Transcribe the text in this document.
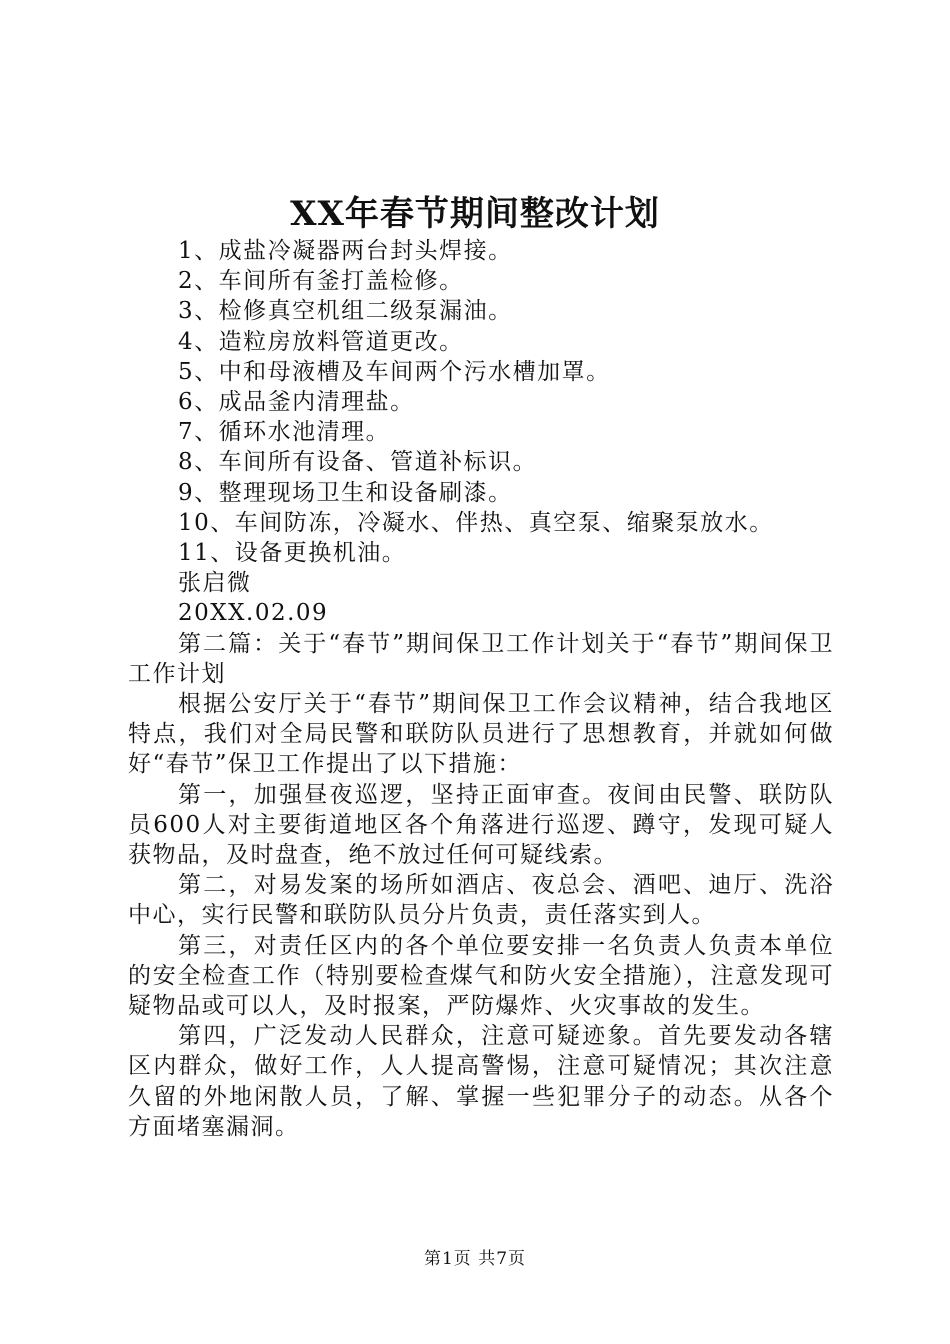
XX年春节期间整改计划

1、成盐冷凝器两台封头焊接。

2、车间所有釜打盖检修。

3、检修真空机组二级泵漏油。

4、造粒房放料管道更改。

5、中和母液槽及车间两个污水槽加罩。

6、成品釜内清理盐。

7、循环水池清理。

8、车间所有设备、管道补标识。

9、整理现场卫生和设备刷漆。

10、车间防冻，冷凝水、伴热、真空泵、缩聚泵放水。

11、设备更换机油。

张启微

20XX.02.09

第二篇：关于“春节”期间保卫工作计划关于“春节”期间保卫工作计划

根据公安厅关于“春节”期间保卫工作会议精神，结合我地区特点，我们对全局民警和联防队员进行了思想教育，并就如何做好“春节”保卫工作提出了以下措施：

第一，加强昼夜巡逻，坚持正面审查。夜间由民警、联防队员600人对主要街道地区各个角落进行巡逻、蹲守，发现可疑人获物品，及时盘查，绝不放过任何可疑线索。

第二，对易发案的场所如酒店、夜总会、酒吧、迪厅、洗浴中心，实行民警和联防队员分片负责，责任落实到人。

第三，对责任区内的各个单位要安排一名负责人负责本单位的安全检查工作（特别要检查煤气和防火安全措施），注意发现可疑物品或可以人，及时报案，严防爆炸、火灾事故的发生。

第四，广泛发动人民群众，注意可疑迹象。首先要发动各辖区内群众，做好工作，人人提高警惕，注意可疑情况；其次注意久留的外地闲散人员，了解、掌握一些犯罪分子的动态。从各个方面堵塞漏洞。

第1页 共7页
